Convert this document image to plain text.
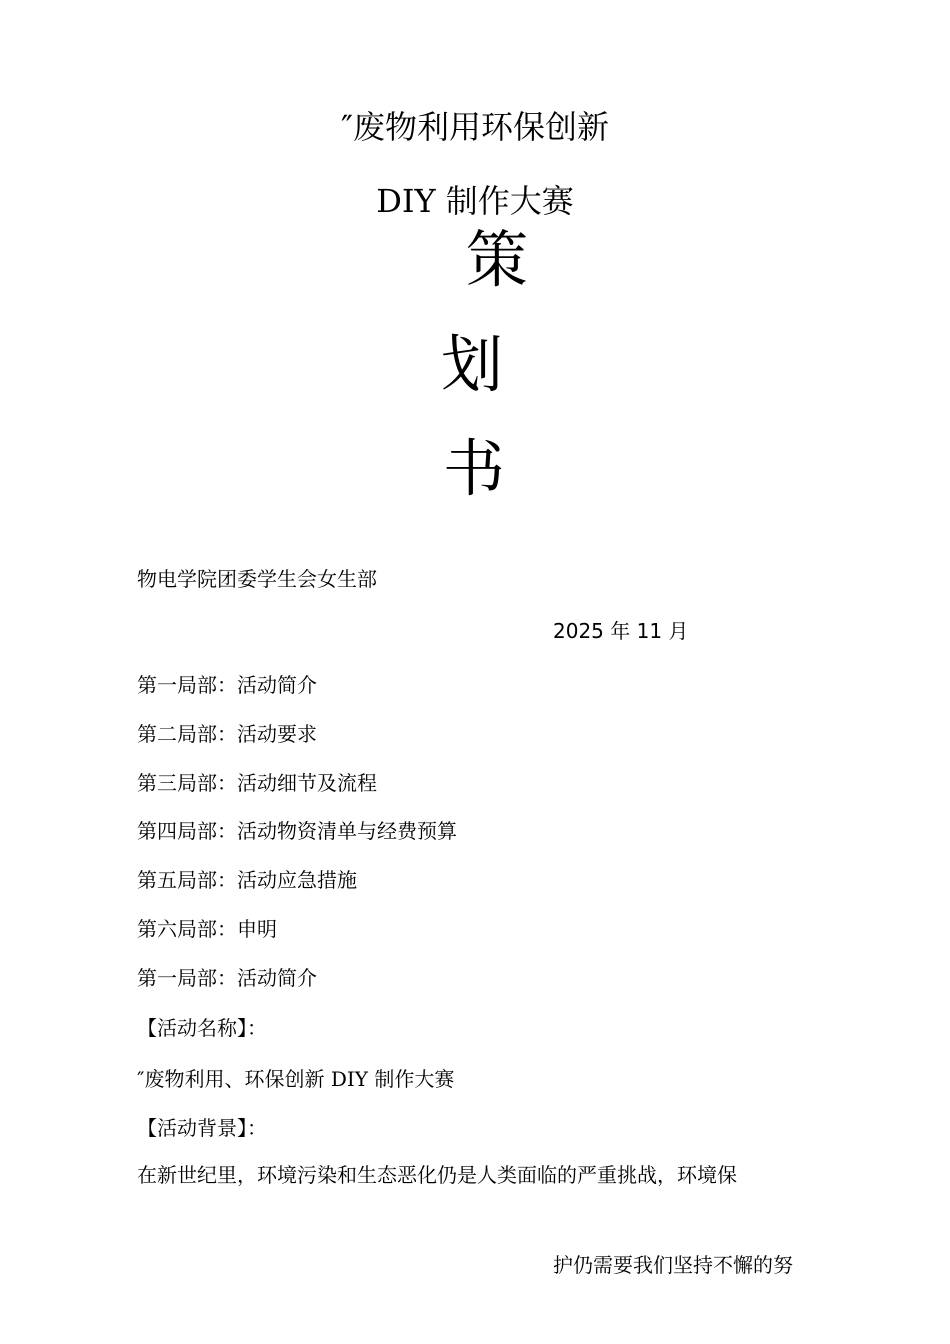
″废物利用环保创新
DIY 制作大赛
策
划
书
物电学院团委学生会女生部
2025 年 11 月
第一局部：活动简介
第二局部：活动要求
第三局部：活动细节及流程
第四局部：活动物资清单与经费预算
第五局部：活动应急措施
第六局部：申明
第一局部：活动简介
【活动名称】：
″废物利用、环保创新 DIY 制作大赛
【活动背景】：
在新世纪里，环境污染和生态恶化仍是人类面临的严重挑战，环境保
护仍需要我们坚持不懈的努
